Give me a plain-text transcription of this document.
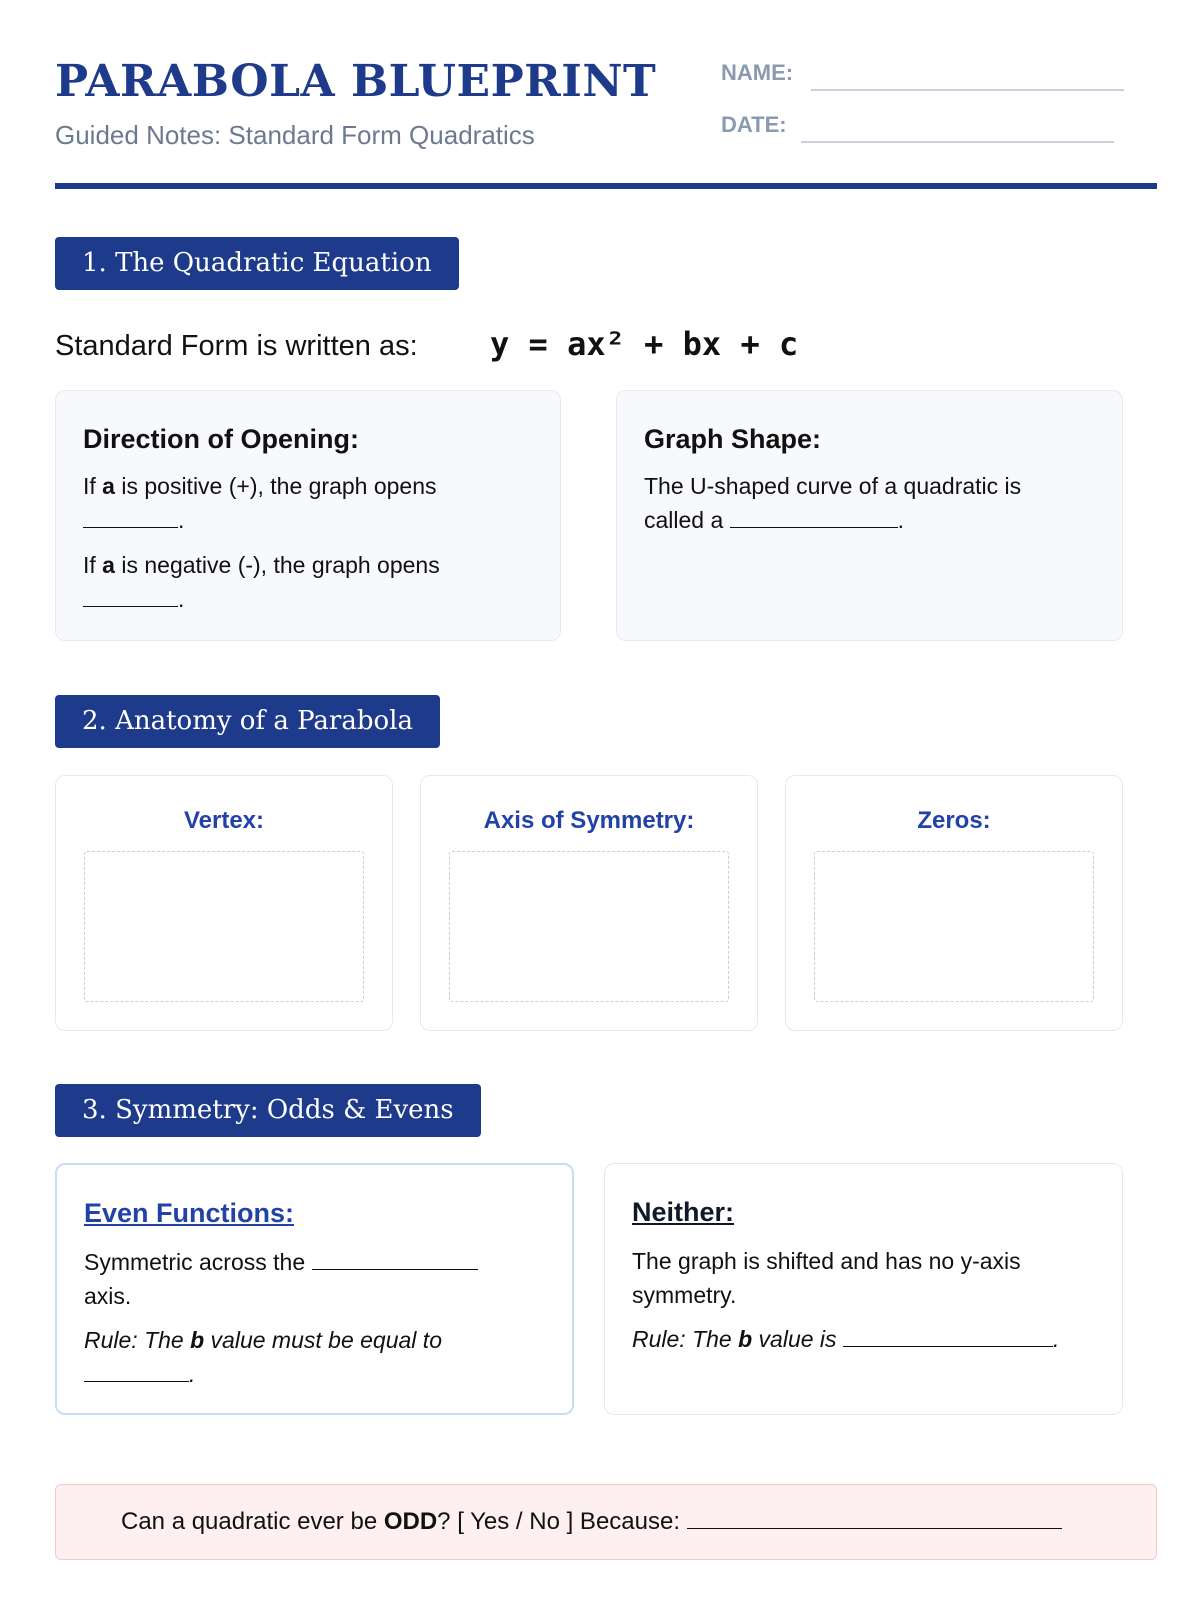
PARABOLA BLUEPRINT
Guided Notes: Standard Form Quadratics
NAME:
DATE:
1. The Quadratic Equation
Standard Form is written as: y = ax² + bx + c
Direction of Opening:
If a is positive (+), the graph opens
.
If a is negative (-), the graph opens
.
Graph Shape:
The U-shaped curve of a quadratic is
called a	.
2. Anatomy of a Parabola
Vertex:	Axis of Symmetry:	Zeros:
3. Symmetry: Odds & Evens
Even Functions:
Symmetric across the
axis.
Rule: The b value must be equal to
.
Neither:
The graph is shifted and has no y-axis symmetry.
Rule: The b value is	.
Can a quadratic ever be ODD? [ Yes / No ] Because:
